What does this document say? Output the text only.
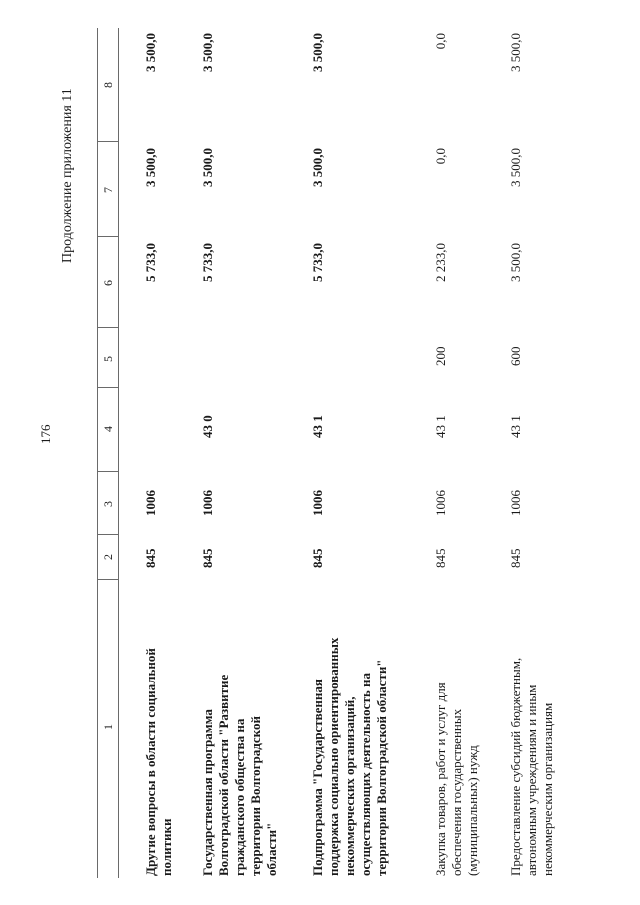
176
Продолжение приложения 11
1
2
3
4
5
6
7
8
Другие вопросы в области социальной политики
845
1006
5 733,0
3 500,0
3 500,0
Государственная программа Волгоградской области "Развитие гражданского общества на территории Волгоградской области"
845
1006
43 0
5 733,0
3 500,0
3 500,0
Подпрограмма "Государственная поддержка социально ориентированных некоммерческих организаций, осуществляющих деятельность на территории Волгоградской области"
845
1006
43 1
5 733,0
3 500,0
3 500,0
Закупка товаров, работ и услуг для обеспечения государственных (муниципальных) нужд
845
1006
43 1
200
2 233,0
0,0
0,0
Предоставление субсидий бюджетным, автономным учреждениям и иным некоммерческим организациям
845
1006
43 1
600
3 500,0
3 500,0
3 500,0
